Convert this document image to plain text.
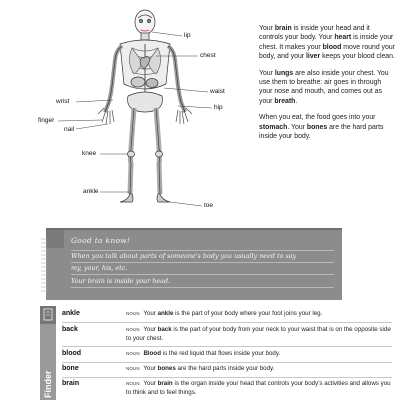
lip
chest
waist
wrist
hip
finger
nail
knee
ankle
toe

Your brain is inside your head and it controls your body. Your heart is inside your chest. It makes your blood move round your body, and your liver keeps your blood clean.

Your lungs are also inside your chest. You use them to breathe: air goes in through your nose and mouth, and comes out as your breath.

When you eat, the food goes into your stomach. Your bones are the hard parts inside your body.

Good to know!
When you talk about parts of someone's body you usually need to say
my, your, his, etc.
Your brain is inside your head.
Finder
ankle	NOUN Your ankle is the part of your body where your foot joins your leg.
back	NOUN Your back is the part of your body from your neck to your waist that is on the opposite side to your chest.
blood	NOUN Blood is the red liquid that flows inside your body.
bone	NOUN Your bones are the hard parts inside your body.
brain	NOUN Your brain is the organ inside your head that controls your body's activities and allows you to think and to feel things.
